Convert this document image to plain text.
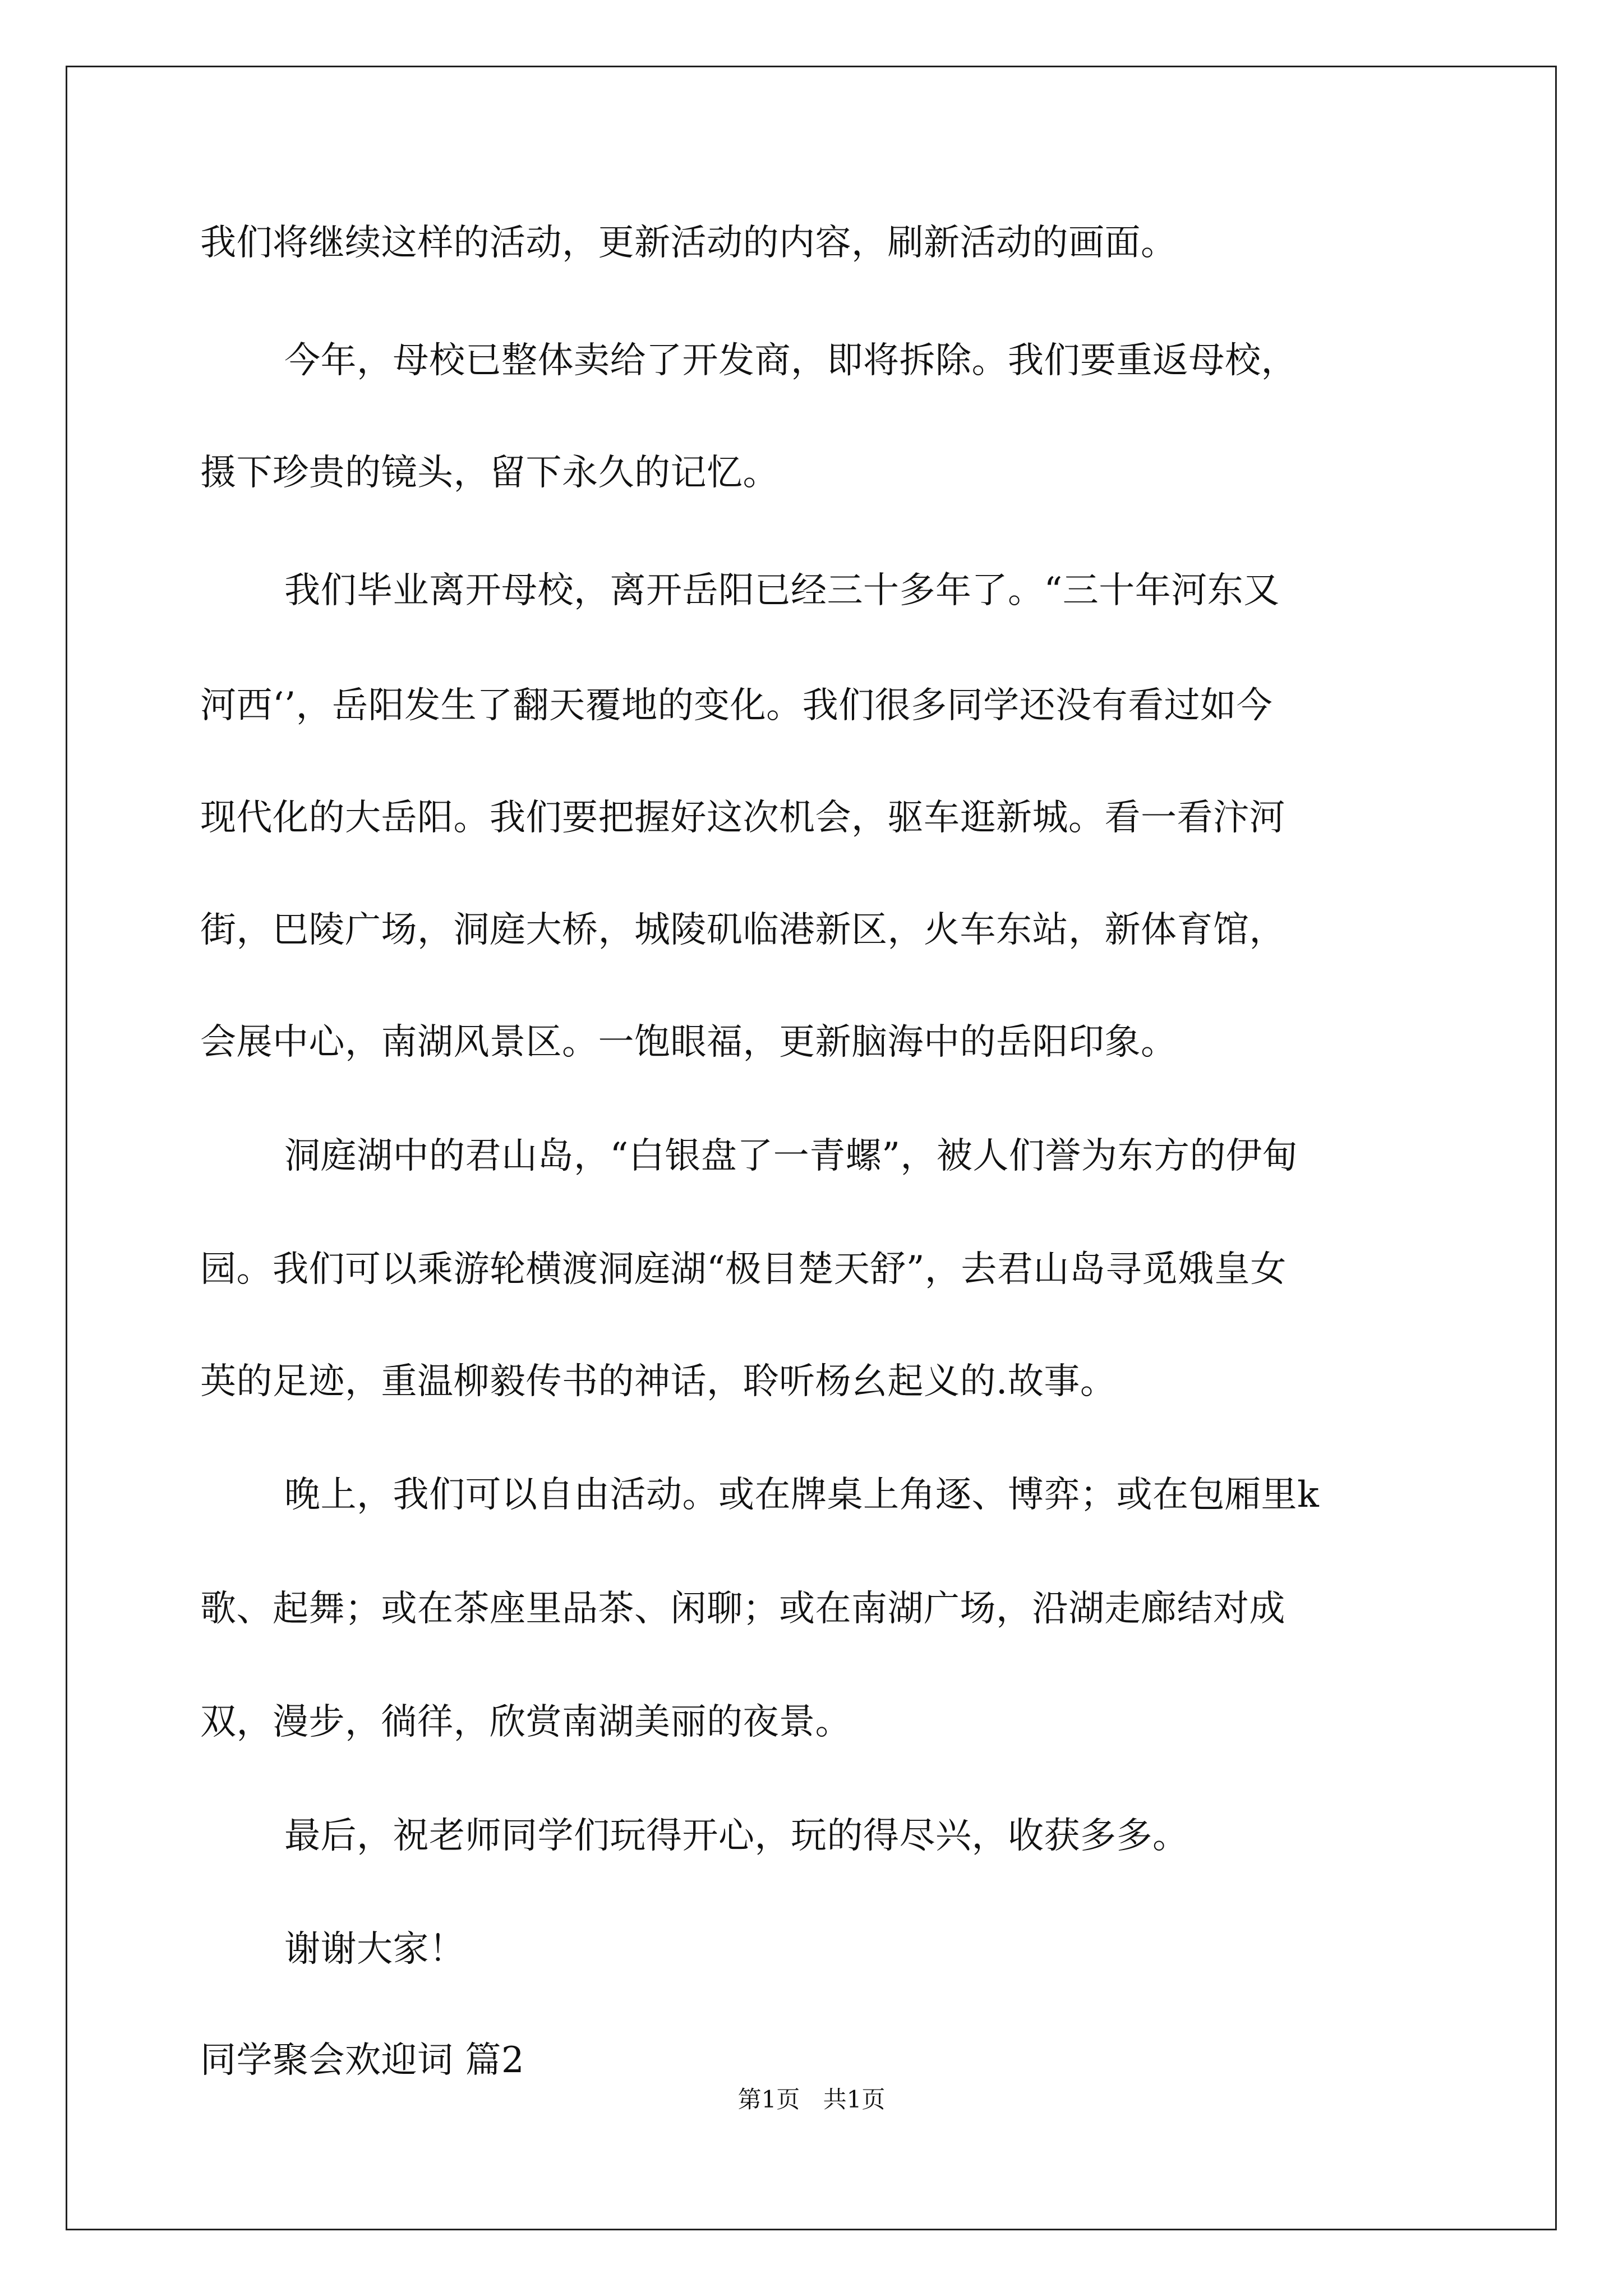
我们将继续这样的活动，更新活动的内容，刷新活动的画面。
今年，母校已整体卖给了开发商，即将拆除。我们要重返母校，
摄下珍贵的镜头，留下永久的记忆。
我们毕业离开母校，离开岳阳已经三十多年了。“三十年河东又
河西‘’，岳阳发生了翻天覆地的变化。我们很多同学还没有看过如今
现代化的大岳阳。我们要把握好这次机会，驱车逛新城。看一看汴河
街，巴陵广场，洞庭大桥，城陵矶临港新区，火车东站，新体育馆，
会展中心，南湖风景区。一饱眼福，更新脑海中的岳阳印象。
洞庭湖中的君山岛，“白银盘了一青螺”，被人们誉为东方的伊甸
园。我们可以乘游轮横渡洞庭湖“极目楚天舒”，去君山岛寻觅娥皇女
英的足迹，重温柳毅传书的神话，聆听杨幺起义的.故事。
晚上，我们可以自由活动。或在牌桌上角逐、博弈；或在包厢里k
歌、起舞；或在茶座里品茶、闲聊；或在南湖广场，沿湖走廊结对成
双，漫步，徜徉，欣赏南湖美丽的夜景。
最后，祝老师同学们玩得开心，玩的得尽兴，收获多多。
谢谢大家！
同学聚会欢迎词 篇2
第1页 共1页
